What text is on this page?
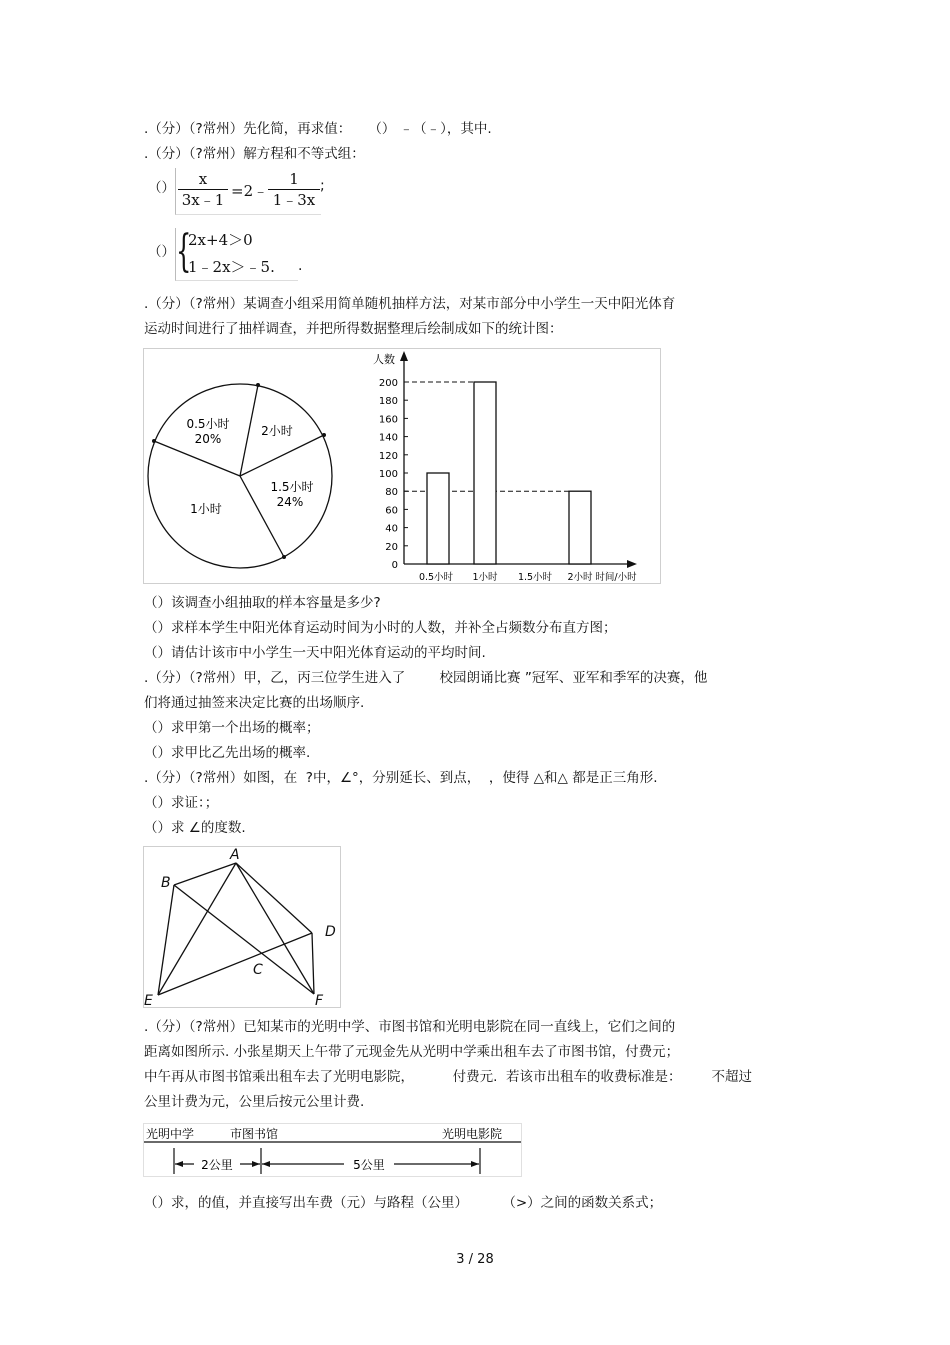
.（分）（?常州）先化简，再求值：    （） ﹣（﹣），其中.
.（分）（?常州）解方程和不等式组：
（）	x
3x﹣1 =2﹣
1
1﹣3x
;
（） {
2x+4＞0
1﹣2x＞﹣5. .
.（分）（?常州）某调查小组采用简单随机抽样方法，对某市部分中小学生一天中阳光体育
运动时间进行了抽样调查，并把所得数据整理后绘制成如下的统计图：
0.5小时
20%
2小时
1.5小时
24%
1小时
人数
0
20
40
60
80
100
120
140
160
180
200
0.5小时 1小时 1.5小时 2小时 时间/小时
（）该调查小组抽取的样本容量是多少?
（）求样本学生中阳光体育运动时间为小时的人数，并补全占频数分布直方图；
（）请估计该市中小学生一天中阳光体育运动的平均时间.
.（分）（?常州）甲，乙，丙三位学生进入了        校园朗诵比赛 ”冠军、亚军和季军的决赛，他
们将通过抽签来决定比赛的出场顺序.
（）求甲第一个出场的概率；
（）求甲比乙先出场的概率.
.（分）（?常州）如图，在  ?中，∠°，分别延长、到点，  ，使得 △和△ 都是正三角形.
（）求证：；
（）求 ∠的度数.
A
B
C
D
E	F
.（分）（?常州）已知某市的光明中学、市图书馆和光明电影院在同一直线上，它们之间的
距离如图所示. 小张星期天上午带了元现金先从光明中学乘出租车去了市图书馆，付费元；
中午再从市图书馆乘出租车去了光明电影院，         付费元.  若该市出租车的收费标准是：       不超过
公里计费为元，公里后按元公里计费.
光明中学	市图书馆	光明电影院
2公里	5公里
（）求，的值，并直接写出车费（元）与路程（公里）        （>）之间的函数关系式；
3 / 28
